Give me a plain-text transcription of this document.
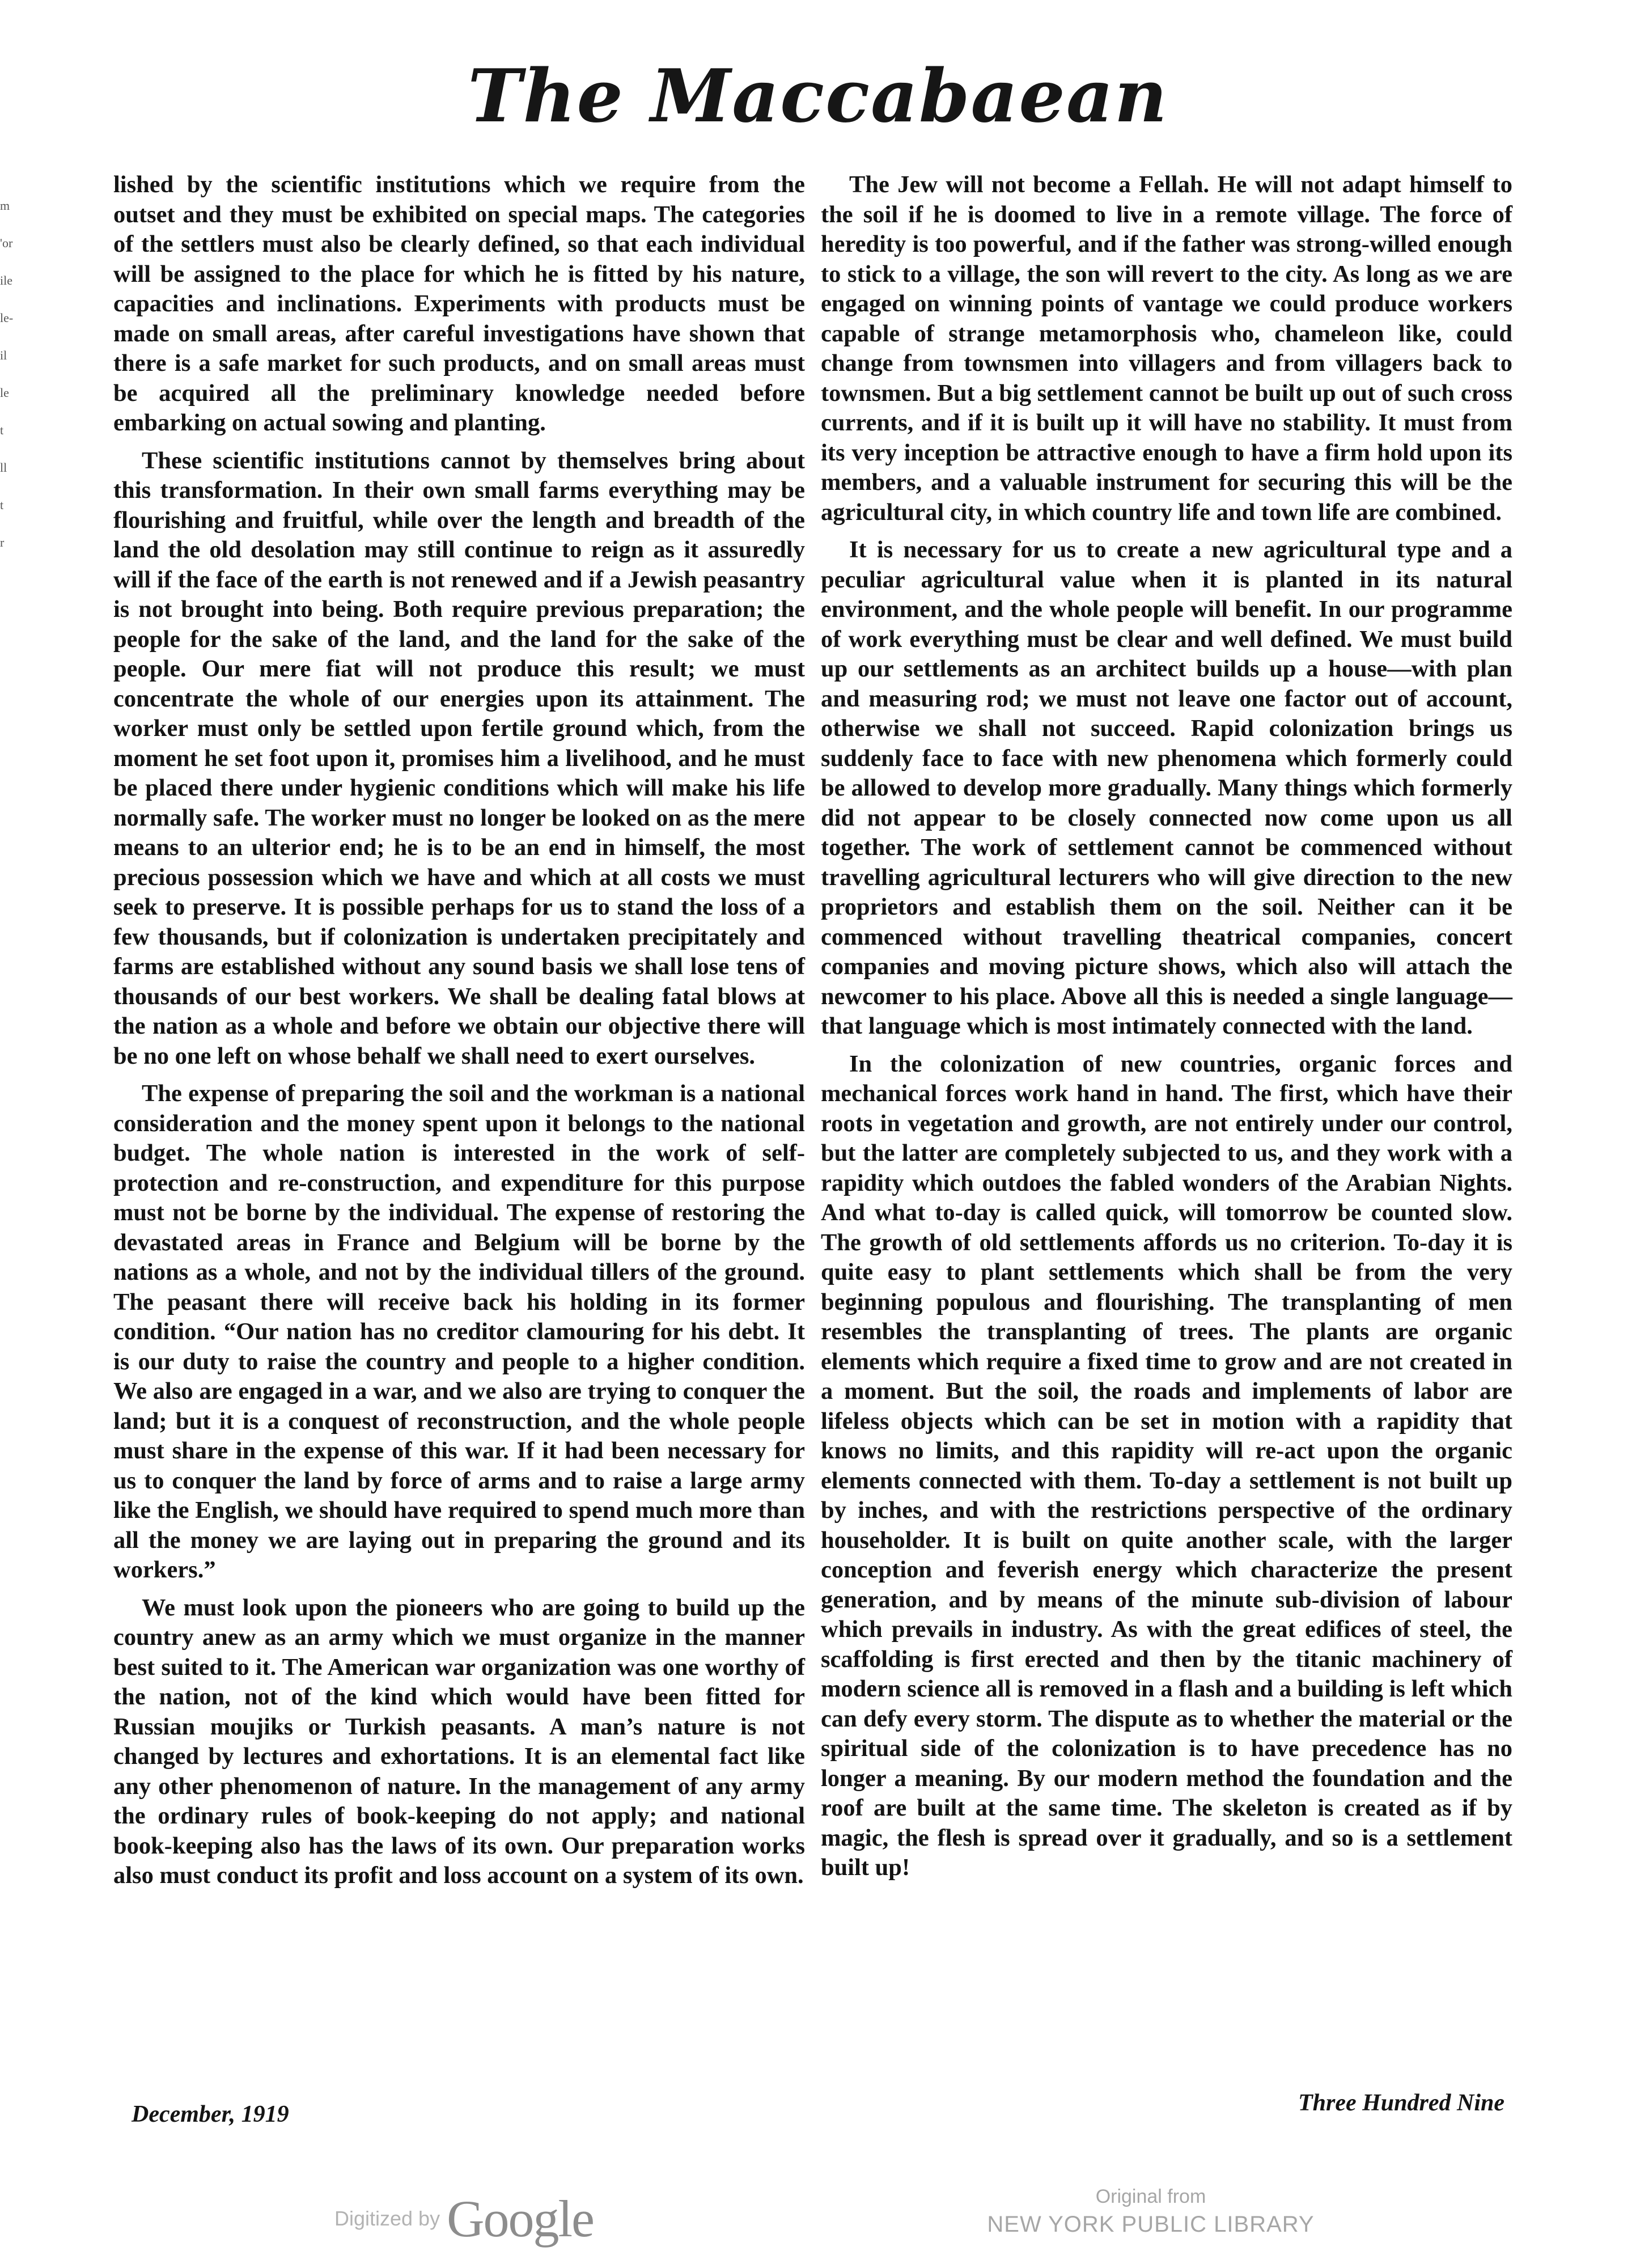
The Maccabaean
m
'or
ile
le-
il
le
t
ll
t
r

lished by the scientific institutions which we require from the outset and they must be exhibited on special maps. The categories of the settlers must also be clearly defined, so that each individual will be assigned to the place for which he is fitted by his nature, capacities and inclinations. Experiments with products must be made on small areas, after careful investigations have shown that there is a safe market for such products, and on small areas must be acquired all the preliminary knowledge needed before embarking on actual sowing and planting.

These scientific institutions cannot by themselves bring about this transformation. In their own small farms everything may be flourishing and fruitful, while over the length and breadth of the land the old desolation may still continue to reign as it assuredly will if the face of the earth is not renewed and if a Jewish peasantry is not brought into being. Both require previous preparation; the people for the sake of the land, and the land for the sake of the people. Our mere fiat will not produce this result; we must concentrate the whole of our energies upon its attainment. The worker must only be settled upon fertile ground which, from the moment he set foot upon it, promises him a livelihood, and he must be placed there under hygienic conditions which will make his life normally safe. The worker must no longer be looked on as the mere means to an ulterior end; he is to be an end in himself, the most precious possession which we have and which at all costs we must seek to preserve. It is possible perhaps for us to stand the loss of a few thousands, but if colonization is undertaken precipitately and farms are established without any sound basis we shall lose tens of thousands of our best workers. We shall be dealing fatal blows at the nation as a whole and before we obtain our objective there will be no one left on whose behalf we shall need to exert ourselves.

The expense of preparing the soil and the workman is a national consideration and the money spent upon it belongs to the national budget. The whole nation is interested in the work of self-protection and re-construction, and expenditure for this purpose must not be borne by the individual. The expense of restoring the devastated areas in France and Belgium will be borne by the nations as a whole, and not by the individual tillers of the ground. The peasant there will receive back his holding in its former condition. “Our nation has no creditor clamouring for his debt. It is our duty to raise the country and people to a higher condition. We also are engaged in a war, and we also are trying to conquer the land; but it is a conquest of reconstruction, and the whole people must share in the expense of this war. If it had been necessary for us to conquer the land by force of arms and to raise a large army like the English, we should have required to spend much more than all the money we are laying out in preparing the ground and its workers.”

We must look upon the pioneers who are going to build up the country anew as an army which we must organize in the manner best suited to it. The American war organization was one worthy of the nation, not of the kind which would have been fitted for Russian moujiks or Turkish peasants. A man’s nature is not changed by lectures and exhortations. It is an elemental fact like any other phenomenon of nature. In the management of any army the ordinary rules of book-keeping do not apply; and national book-keeping also has the laws of its own. Our preparation works also must conduct its profit and loss account on a system of its own.

The Jew will not become a Fellah. He will not adapt himself to the soil if he is doomed to live in a remote village. The force of heredity is too powerful, and if the father was strong-willed enough to stick to a village, the son will revert to the city. As long as we are engaged on winning points of vantage we could produce workers capable of strange metamorphosis who, chameleon like, could change from townsmen into villagers and from villagers back to townsmen. But a big settlement cannot be built up out of such cross currents, and if it is built up it will have no stability. It must from its very inception be attractive enough to have a firm hold upon its members, and a valuable instrument for securing this will be the agricultural city, in which country life and town life are combined.

It is necessary for us to create a new agricultural type and a peculiar agricultural value when it is planted in its natural environment, and the whole people will benefit. In our programme of work everything must be clear and well defined. We must build up our settlements as an architect builds up a house—with plan and measuring rod; we must not leave one factor out of account, otherwise we shall not succeed. Rapid colonization brings us suddenly face to face with new phenomena which formerly could be allowed to develop more gradually. Many things which formerly did not appear to be closely connected now come upon us all together. The work of settlement cannot be commenced without travelling agricultural lecturers who will give direction to the new proprietors and establish them on the soil. Neither can it be commenced without travelling theatrical companies, concert companies and moving picture shows, which also will attach the newcomer to his place. Above all this is needed a single language—that language which is most intimately connected with the land.

In the colonization of new countries, organic forces and mechanical forces work hand in hand. The first, which have their roots in vegetation and growth, are not entirely under our control, but the latter are completely subjected to us, and they work with a rapidity which outdoes the fabled wonders of the Arabian Nights. And what to-day is called quick, will tomorrow be counted slow. The growth of old settlements affords us no criterion. To-day it is quite easy to plant settlements which shall be from the very beginning populous and flourishing. The transplanting of men resembles the transplanting of trees. The plants are organic elements which require a fixed time to grow and are not created in a moment. But the soil, the roads and implements of labor are lifeless objects which can be set in motion with a rapidity that knows no limits, and this rapidity will re-act upon the organic elements connected with them. To-day a settlement is not built up by inches, and with the restrictions perspective of the ordinary householder. It is built on quite another scale, with the larger conception and feverish energy which characterize the present generation, and by means of the minute sub-division of labour which prevails in industry. As with the great edifices of steel, the scaffolding is first erected and then by the titanic machinery of modern science all is removed in a flash and a building is left which can defy every storm. The dispute as to whether the material or the spiritual side of the colonization is to have precedence has no longer a meaning. By our modern method the foundation and the roof are built at the same time. The skeleton is created as if by magic, the flesh is spread over it gradually, and so is a settlement built up!

December, 1919	Three Hundred Nine
Digitized by Google	Original from
NEW YORK PUBLIC LIBRARY
